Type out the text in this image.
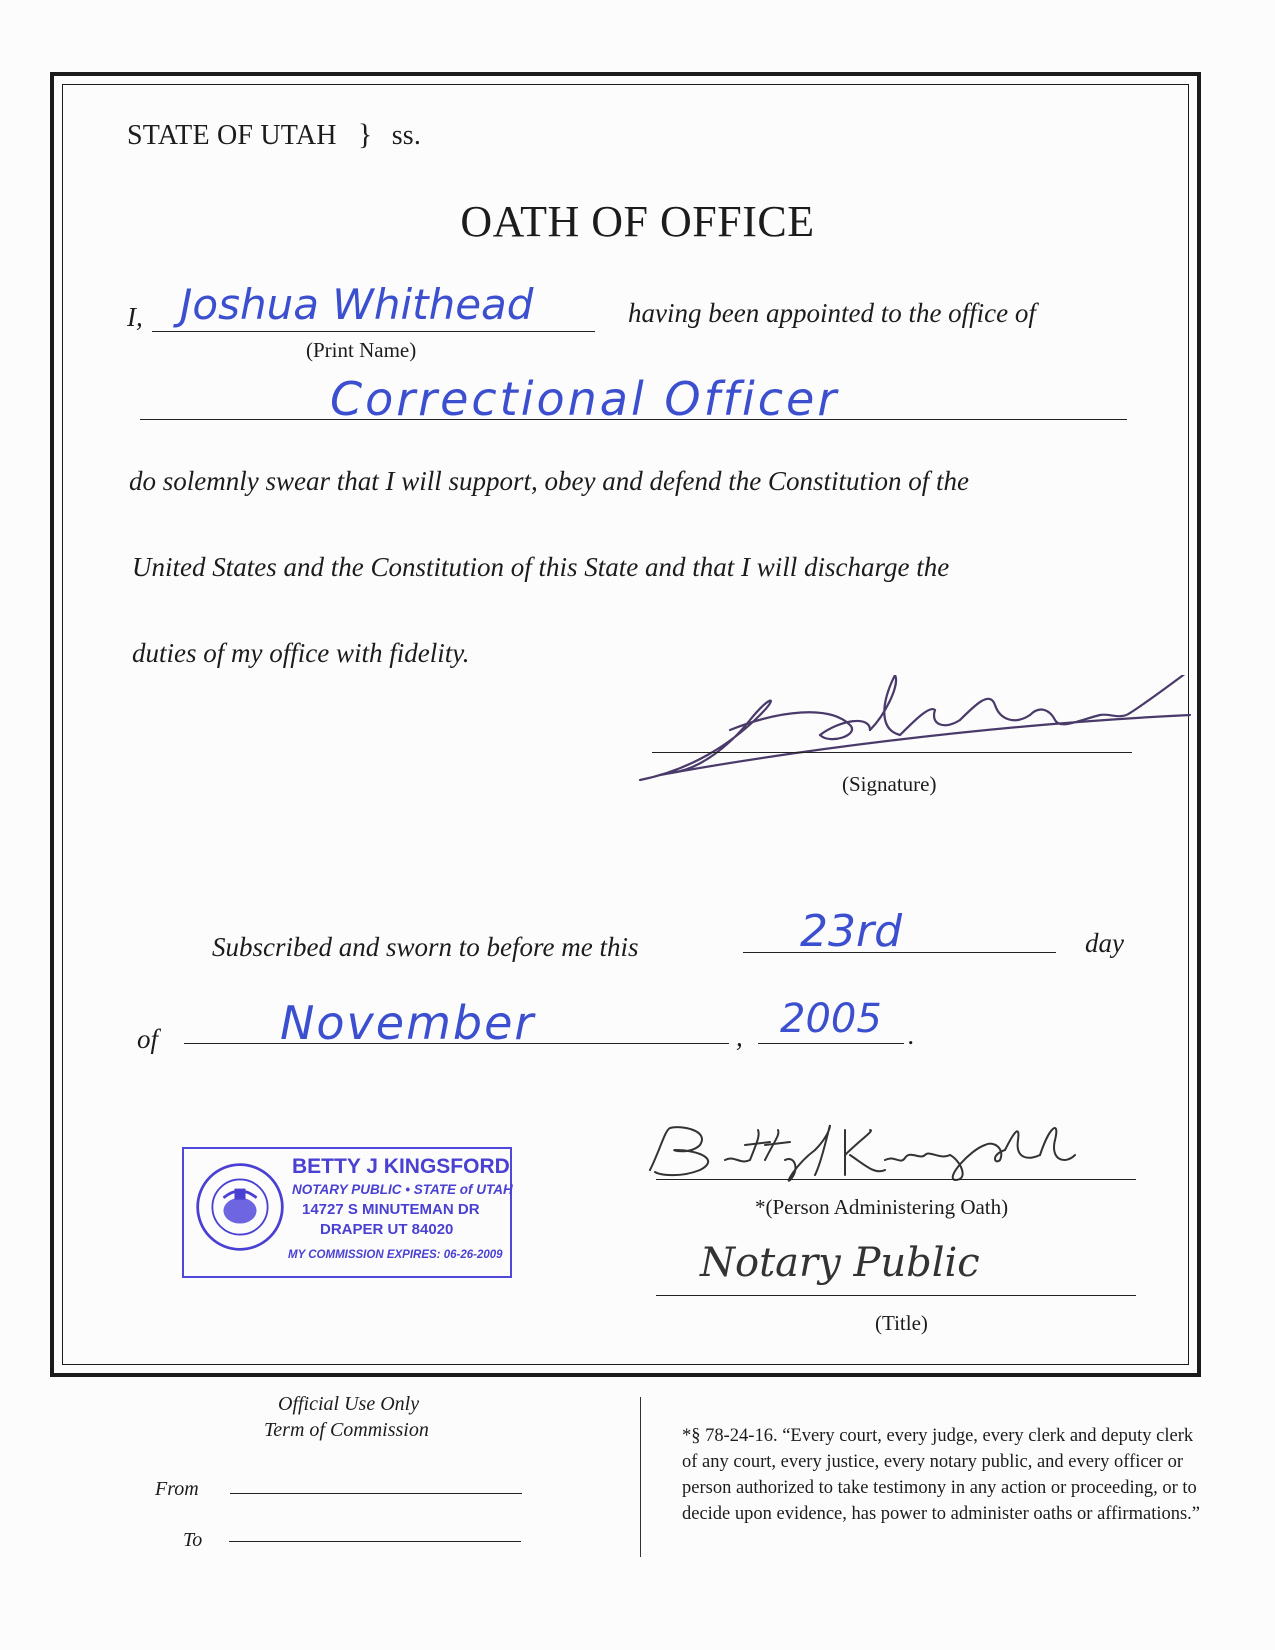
STATE OF UTAH } ss.
OATH OF OFFICE
I, Joshua Whithead
(Print Name)
having been appointed to the office of
Correctional Officer
do solemnly swear that I will support, obey and defend the Constitution of the
United States and the Constitution of this State and that I will discharge the
duties of my office with fidelity.
(Signature)
Subscribed and sworn to before me this	23rd	day
of	November	, 2005 .
BETTY J KINGSFORD
NOTARY PUBLIC • STATE of UTAH
14727 S MINUTEMAN DR
DRAPER UT 84020
MY COMMISSION EXPIRES: 06-26-2009
*(Person Administering Oath)
Notary Public
(Title)
Official Use Only
Term of Commission
From
To
*§ 78-24-16. “Every court, every judge, every clerk and deputy clerk of any court, every justice, every notary public, and every officer or person authorized to take testimony in any action or proceeding, or to decide upon evidence, has power to administer oaths or affirmations.”
